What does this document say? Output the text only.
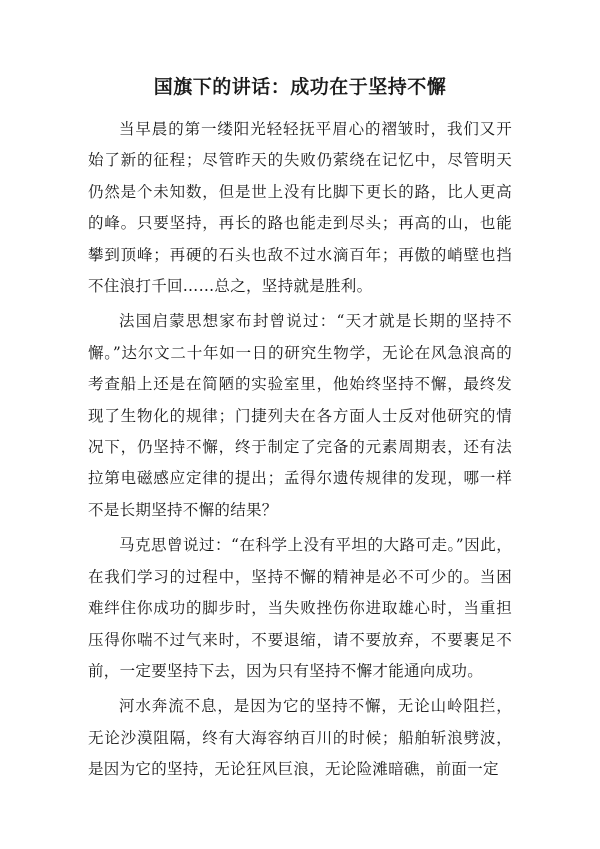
国旗下的讲话：成功在于坚持不懈

当早晨的第一缕阳光轻轻抚平眉心的褶皱时，我们又开始了新的征程；尽管昨天的失败仍萦绕在记忆中，尽管明天仍然是个未知数，但是世上没有比脚下更长的路，比人更高的峰。只要坚持，再长的路也能走到尽头；再高的山，也能攀到顶峰；再硬的石头也敌不过水滴百年；再傲的峭壁也挡不住浪打千回……总之，坚持就是胜利。

法国启蒙思想家布封曾说过：“天才就是长期的坚持不懈。”达尔文二十年如一日的研究生物学，无论在风急浪高的考查船上还是在简陋的实验室里，他始终坚持不懈，最终发现了生物化的规律；门捷列夫在各方面人士反对他研究的情况下，仍坚持不懈，终于制定了完备的元素周期表，还有法拉第电磁感应定律的提出；孟得尔遗传规律的发现，哪一样不是长期坚持不懈的结果？

马克思曾说过：“在科学上没有平坦的大路可走。”因此，在我们学习的过程中，坚持不懈的精神是必不可少的。当困难绊住你成功的脚步时，当失败挫伤你进取雄心时，当重担压得你喘不过气来时，不要退缩，请不要放弃，不要裹足不前，一定要坚持下去，因为只有坚持不懈才能通向成功。

河水奔流不息，是因为它的坚持不懈，无论山岭阻拦，无论沙漠阻隔，终有大海容纳百川的时候；船舶斩浪劈波，是因为它的坚持，无论狂风巨浪，无论险滩暗礁，前面一定
